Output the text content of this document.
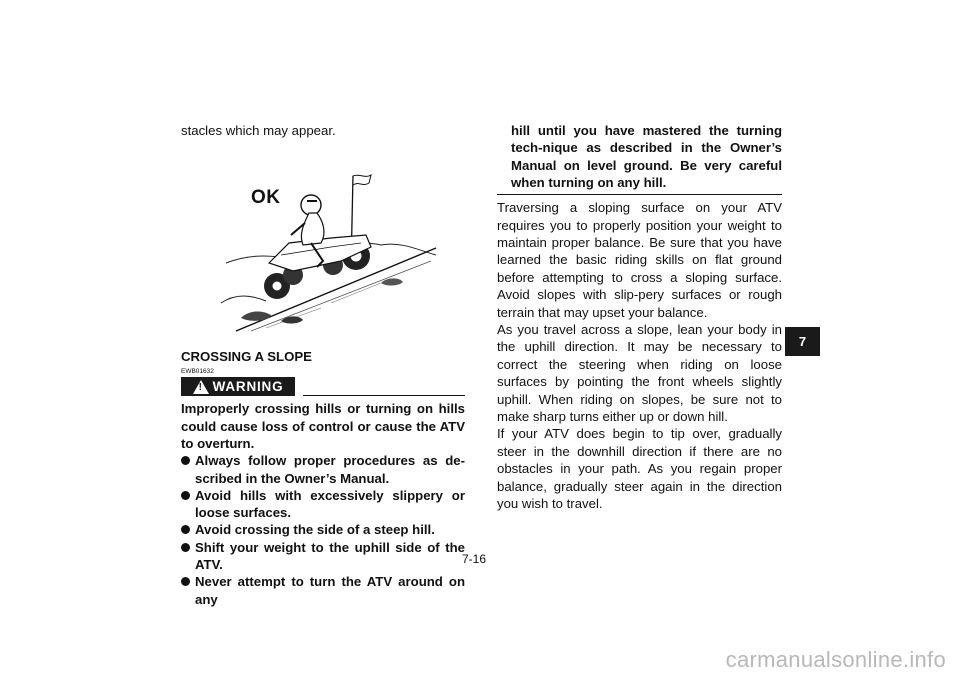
stacles which may appear.

OK
CROSSING A SLOPE
EWB01632
! WARNING

Improperly crossing hills or turning on hills could cause loss of control or cause the ATV to overturn.

Always follow proper procedures as de-scribed in the Owner’s Manual.
Avoid hills with excessively slippery or loose surfaces.
Avoid crossing the side of a steep hill.
Shift your weight to the uphill side of the ATV.
Never attempt to turn the ATV around on any

hill until you have mastered the turning tech-nique as described in the Owner’s Manual on level ground. Be very careful when turning on any hill.

Traversing a sloping surface on your ATV requires you to properly position your weight to maintain proper balance. Be sure that you have learned the basic riding skills on flat ground before attempting to cross a sloping surface. Avoid slopes with slip-pery surfaces or rough terrain that may upset your balance.

As you travel across a slope, lean your body in the uphill direction. It may be necessary to correct the steering when riding on loose surfaces by pointing the front wheels slightly uphill. When riding on slopes, be sure not to make sharp turns either up or down hill.

If your ATV does begin to tip over, gradually steer in the downhill direction if there are no obstacles in your path. As you regain proper balance, gradually steer again in the direction you wish to travel.

7
7-16
carmanualsonline.info
